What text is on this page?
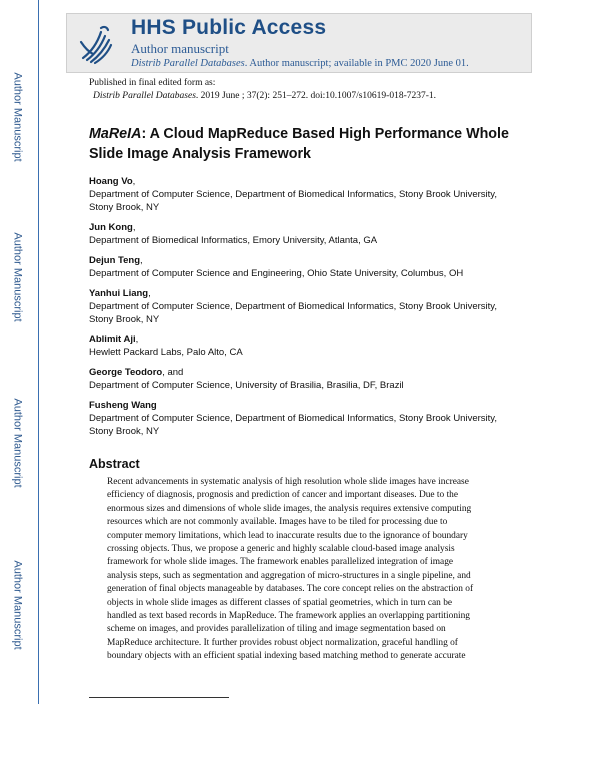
Author Manuscript
Author Manuscript
Author Manuscript
Author Manuscript
HHS Public Access
Author manuscript
Distrib Parallel Databases. Author manuscript; available in PMC 2020 June 01.
Published in final edited form as:
Distrib Parallel Databases. 2019 June ; 37(2): 251–272. doi:10.1007/s10619-018-7237-1.
MaReIA: A Cloud MapReduce Based High Performance Whole Slide Image Analysis Framework
Hoang Vo,
Department of Computer Science, Department of Biomedical Informatics, Stony Brook University,
Stony Brook, NY
Jun Kong,
Department of Biomedical Informatics, Emory University, Atlanta, GA
Dejun Teng,
Department of Computer Science and Engineering, Ohio State University, Columbus, OH
Yanhui Liang,
Department of Computer Science, Department of Biomedical Informatics, Stony Brook University,
Stony Brook, NY
Ablimit Aji,
Hewlett Packard Labs, Palo Alto, CA
George Teodoro, and
Department of Computer Science, University of Brasilia, Brasilia, DF, Brazil
Fusheng Wang
Department of Computer Science, Department of Biomedical Informatics, Stony Brook University,
Stony Brook, NY
Abstract
Recent advancements in systematic analysis of high resolution whole slide images have increase
efficiency of diagnosis, prognosis and prediction of cancer and important diseases. Due to the
enormous sizes and dimensions of whole slide images, the analysis requires extensive computing
resources which are not commonly available. Images have to be tiled for processing due to
computer memory limitations, which lead to inaccurate results due to the ignorance of boundary
crossing objects. Thus, we propose a generic and highly scalable cloud-based image analysis
framework for whole slide images. The framework enables parallelized integration of image
analysis steps, such as segmentation and aggregation of micro-structures in a single pipeline, and
generation of final objects manageable by databases. The core concept relies on the abstraction of
objects in whole slide images as different classes of spatial geometries, which in turn can be
handled as text based records in MapReduce. The framework applies an overlapping partitioning
scheme on images, and provides parallelization of tiling and image segmentation based on
MapReduce architecture. It further provides robust object normalization, graceful handling of
boundary objects with an efficient spatial indexing based matching method to generate accurate
